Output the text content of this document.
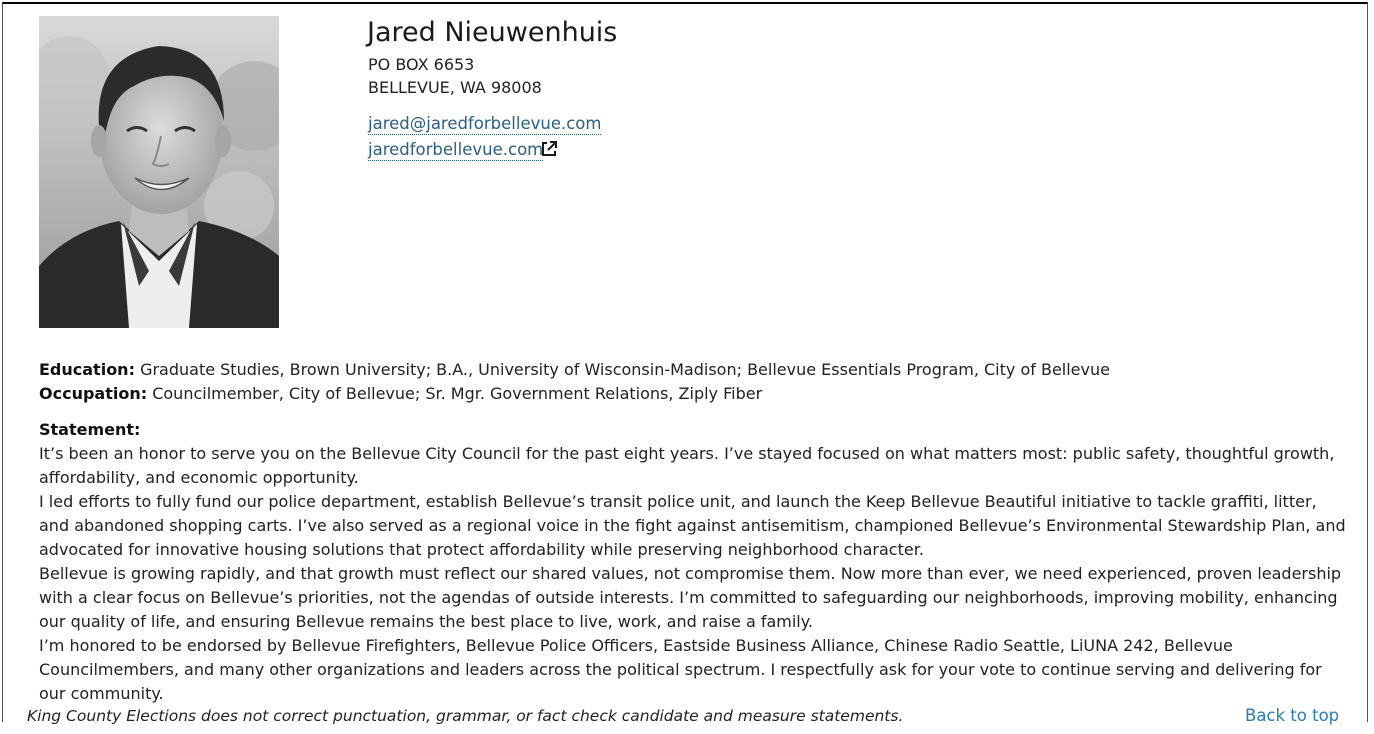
Jared Nieuwenhuis
PO BOX 6653
BELLEVUE, WA 98008
jared@jaredforbellevue.com
jaredforbellevue.com
Education: Graduate Studies, Brown University; B.A., University of Wisconsin-Madison; Bellevue Essentials Program, City of Bellevue
Occupation: Councilmember, City of Bellevue; Sr. Mgr. Government Relations, Ziply Fiber
Statement:

It’s been an honor to serve you on the Bellevue City Council for the past eight years. I’ve stayed focused on what matters most: public safety, thoughtful growth, affordability, and economic opportunity.

I led efforts to fully fund our police department, establish Bellevue’s transit police unit, and launch the Keep Bellevue Beautiful initiative to tackle graffiti, litter, and abandoned shopping carts. I’ve also served as a regional voice in the fight against antisemitism, championed Bellevue’s Environmental Stewardship Plan, and advocated for innovative housing solutions that protect affordability while preserving neighborhood character.

Bellevue is growing rapidly, and that growth must reflect our shared values, not compromise them. Now more than ever, we need experienced, proven leadership with a clear focus on Bellevue’s priorities, not the agendas of outside interests. I’m committed to safeguarding our neighborhoods, improving mobility, enhancing our quality of life, and ensuring Bellevue remains the best place to live, work, and raise a family.

I’m honored to be endorsed by Bellevue Firefighters, Bellevue Police Officers, Eastside Business Alliance, Chinese Radio Seattle, LiUNA 242, Bellevue Councilmembers, and many other organizations and leaders across the political spectrum. I respectfully ask for your vote to continue serving and delivering for our community.

King County Elections does not correct punctuation, grammar, or fact check candidate and measure statements.	Back to top
